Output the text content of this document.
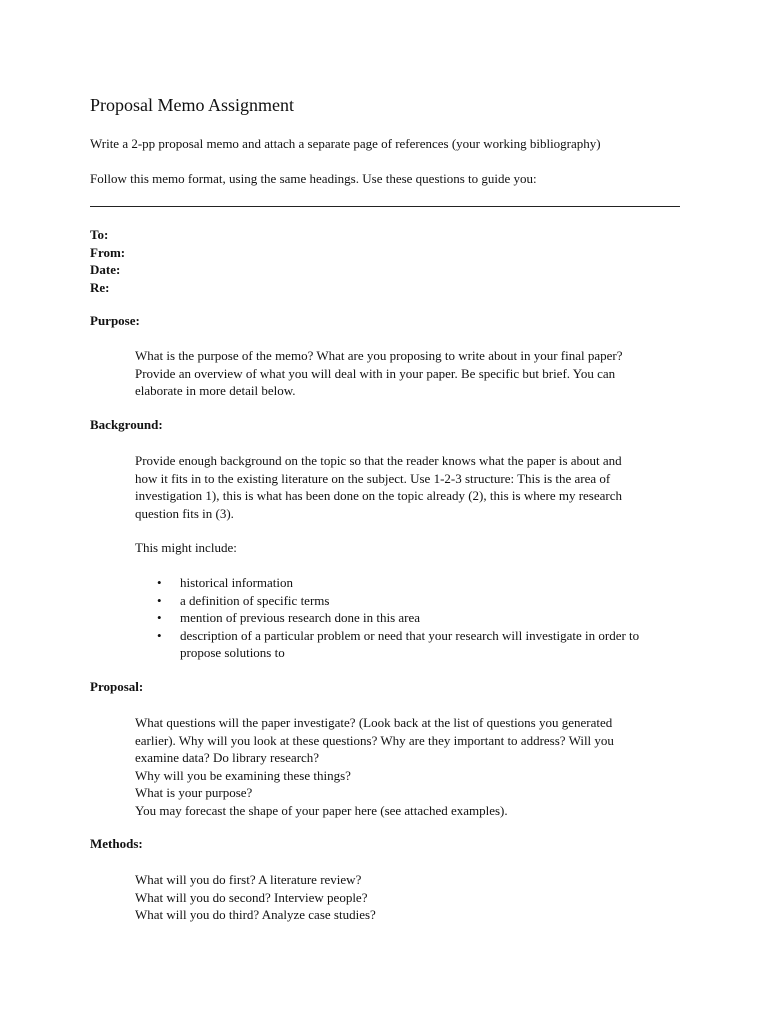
Proposal Memo Assignment

Write a 2-pp proposal memo and attach a separate page of references (your working bibliography)

Follow this memo format, using the same headings. Use these questions to guide you:

To:
From:
Date:
Re:

Purpose:

What is the purpose of the memo? What are you proposing to write about in your final paper?

Provide an overview of what you will deal with in your paper. Be specific but brief. You can

elaborate in more detail below.

Background:

Provide enough background on the topic so that the reader knows what the paper is about and

how it fits in to the existing literature on the subject. Use 1-2-3 structure: This is the area of

investigation 1), this is what has been done on the topic already (2), this is where my research

question fits in (3).

This might include:

• historical information
• a definition of specific terms
• mention of previous research done in this area
• description of a particular problem or need that your research will investigate in order to
propose solutions to

Proposal:

What questions will the paper investigate? (Look back at the list of questions you generated

earlier). Why will you look at these questions? Why are they important to address? Will you

examine data? Do library research?

Why will you be examining these things?

What is your purpose?

You may forecast the shape of your paper here (see attached examples).

Methods:

What will you do first? A literature review?

What will you do second? Interview people?

What will you do third? Analyze case studies?
